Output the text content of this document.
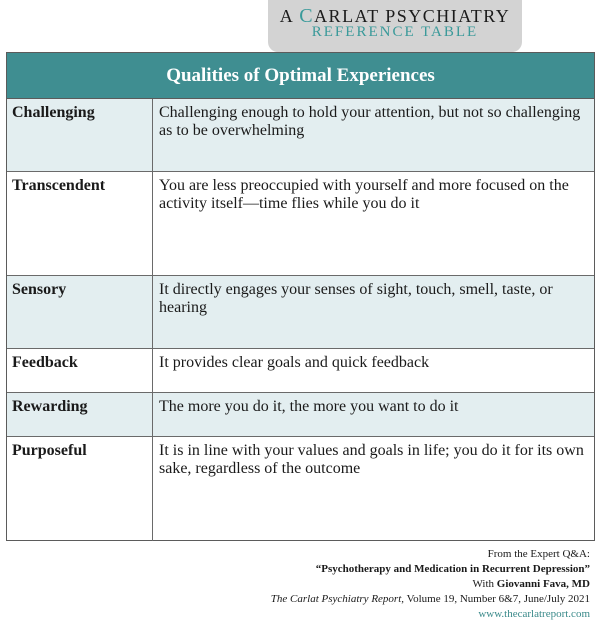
A CARLAT PSYCHIATRY
REFERENCE TABLE
Qualities of Optimal Experiences
Challenging	Challenging enough to hold your attention, but not so challenging as to be overwhelming
Transcendent	You are less preoccupied with yourself and more focused on the activity itself—time flies while you do it
Sensory	It directly engages your senses of sight, touch, smell, taste, or hearing
Feedback	It provides clear goals and quick feedback
Rewarding	The more you do it, the more you want to do it
Purposeful	It is in line with your values and goals in life; you do it for its own sake, regardless of the outcome
From the Expert Q&A:
“Psychotherapy and Medication in Recurrent Depression”
With Giovanni Fava, MD
The Carlat Psychiatry Report, Volume 19, Number 6&7, June/July 2021
www.thecarlatreport.com
